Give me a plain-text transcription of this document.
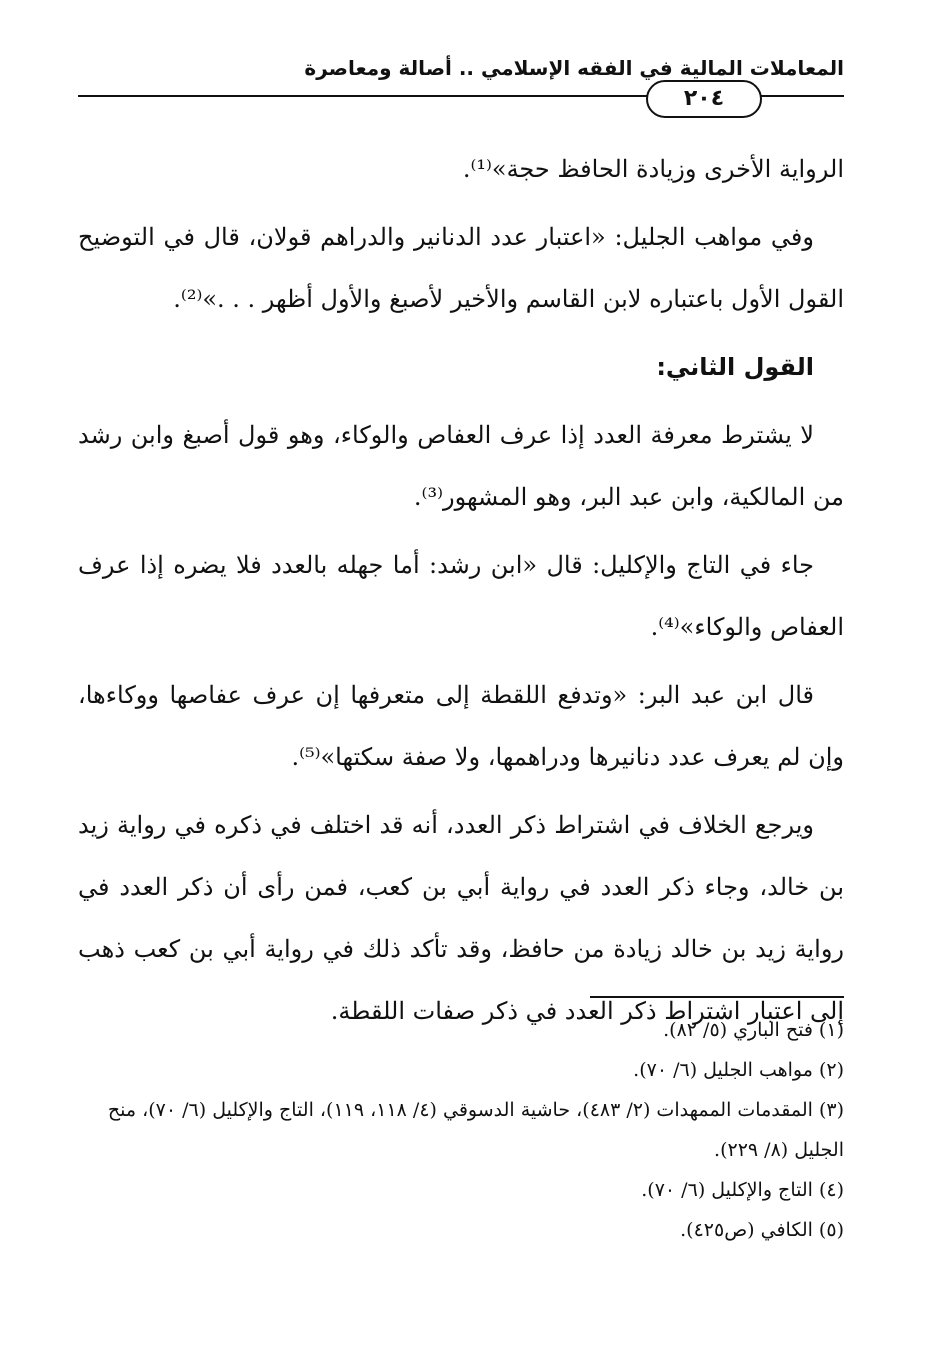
المعاملات المالية في الفقه الإسلامي .. أصالة ومعاصرة
٢٠٤

الرواية الأخرى وزيادة الحافظ حجة»⁽¹⁾.

وفي مواهب الجليل: «اعتبار عدد الدنانير والدراهم قولان، قال في التوضيح القول الأول باعتباره لابن القاسم والأخير لأصبغ والأول أظهر . . .»⁽²⁾.

القول الثاني:

لا يشترط معرفة العدد إذا عرف العفاص والوكاء، وهو قول أصبغ وابن رشد من المالكية، وابن عبد البر، وهو المشهور⁽³⁾.

جاء في التاج والإكليل: قال «ابن رشد: أما جهله بالعدد فلا يضره إذا عرف العفاص والوكاء»⁽⁴⁾.

قال ابن عبد البر: «وتدفع اللقطة إلى متعرفها إن عرف عفاصها ووكاءها، وإن لم يعرف عدد دنانيرها ودراهمها، ولا صفة سكتها»⁽⁵⁾.

ويرجع الخلاف في اشتراط ذكر العدد، أنه قد اختلف في ذكره في رواية زيد بن خالد، وجاء ذكر العدد في رواية أبي بن كعب، فمن رأى أن ذكر العدد في رواية زيد بن خالد زيادة من حافظ، وقد تأكد ذلك في رواية أبي بن كعب ذهب إلى اعتبار اشتراط ذكر العدد في ذكر صفات اللقطة.

(١) فتح الباري (٥/ ٨٢).
(٢) مواهب الجليل (٦/ ٧٠).
(٣) المقدمات الممهدات (٢/ ٤٨٣)، حاشية الدسوقي (٤/ ١١٨، ١١٩)، التاج والإكليل (٦/ ٧٠)، منح الجليل (٨/ ٢٢٩).
(٤) التاج والإكليل (٦/ ٧٠).
(٥) الكافي (ص٤٢٥).
